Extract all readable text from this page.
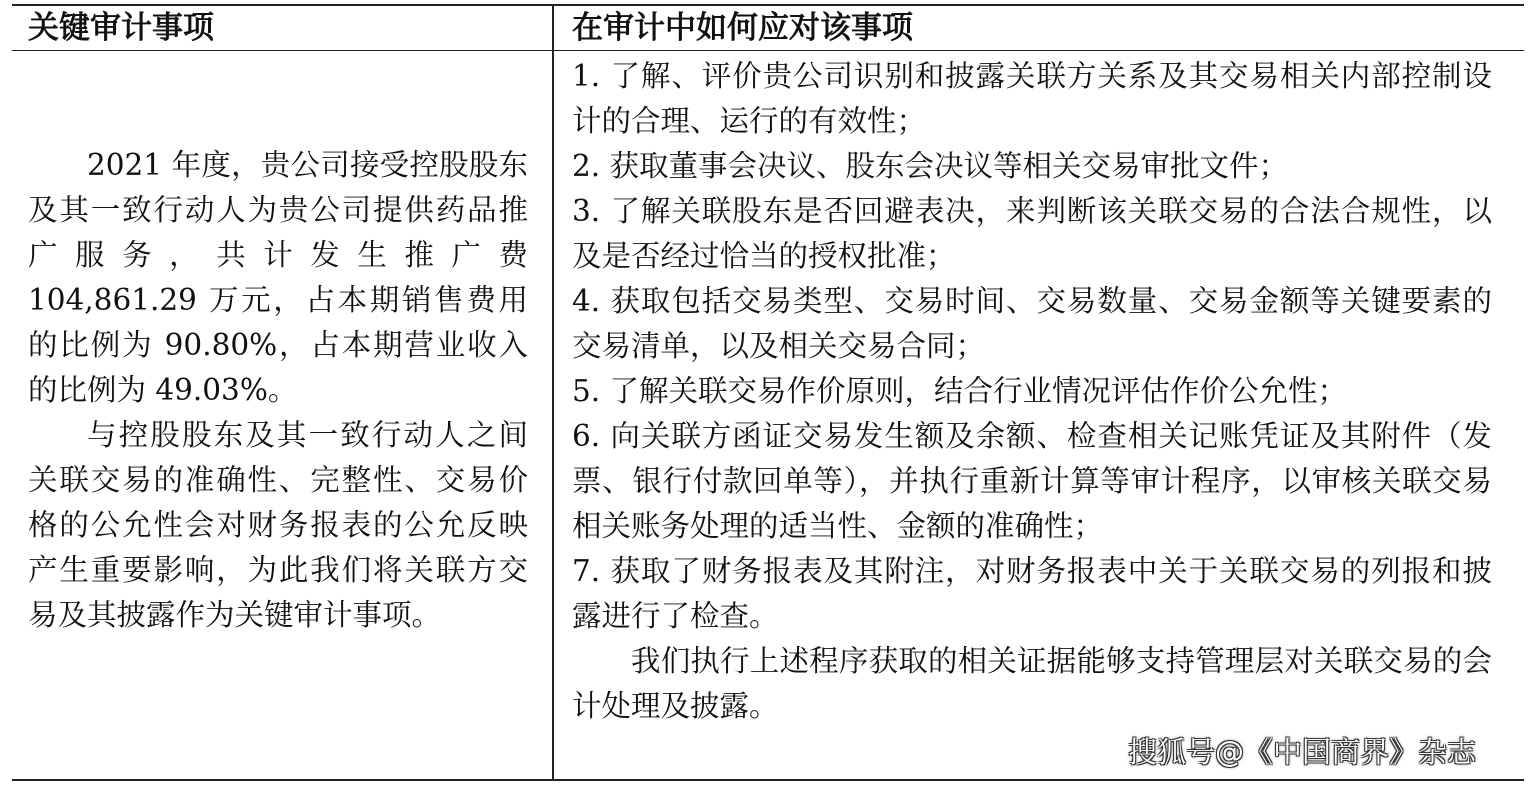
关键审计事项	在审计中如何应对该事项

2021 年度，贵公司接受控股股东及其一致行动人为贵公司提供药品推广服务，共计发生推广费 104,861.29 万元，占本期销售费用的比例为 90.80%，占本期营业收入的比例为 49.03%。

与控股股东及其一致行动人之间关联交易的准确性、完整性、交易价格的公允性会对财务报表的公允反映产生重要影响，为此我们将关联方交易及其披露作为关键审计事项。

1. 了解、评价贵公司识别和披露关联方关系及其交易相关内部控制设计的合理、运行的有效性；

2. 获取董事会决议、股东会决议等相关交易审批文件；

3. 了解关联股东是否回避表决，来判断该关联交易的合法合规性，以及是否经过恰当的授权批准；

4. 获取包括交易类型、交易时间、交易数量、交易金额等关键要素的交易清单，以及相关交易合同；

5. 了解关联交易作价原则，结合行业情况评估作价公允性；

6. 向关联方函证交易发生额及余额、检查相关记账凭证及其附件（发票、银行付款回单等），并执行重新计算等审计程序，以审核关联交易相关账务处理的适当性、金额的准确性；

7. 获取了财务报表及其附注，对财务报表中关于关联交易的列报和披露进行了检查。

我们执行上述程序获取的相关证据能够支持管理层对关联交易的会计处理及披露。

搜狐号@《中国商界》杂志
